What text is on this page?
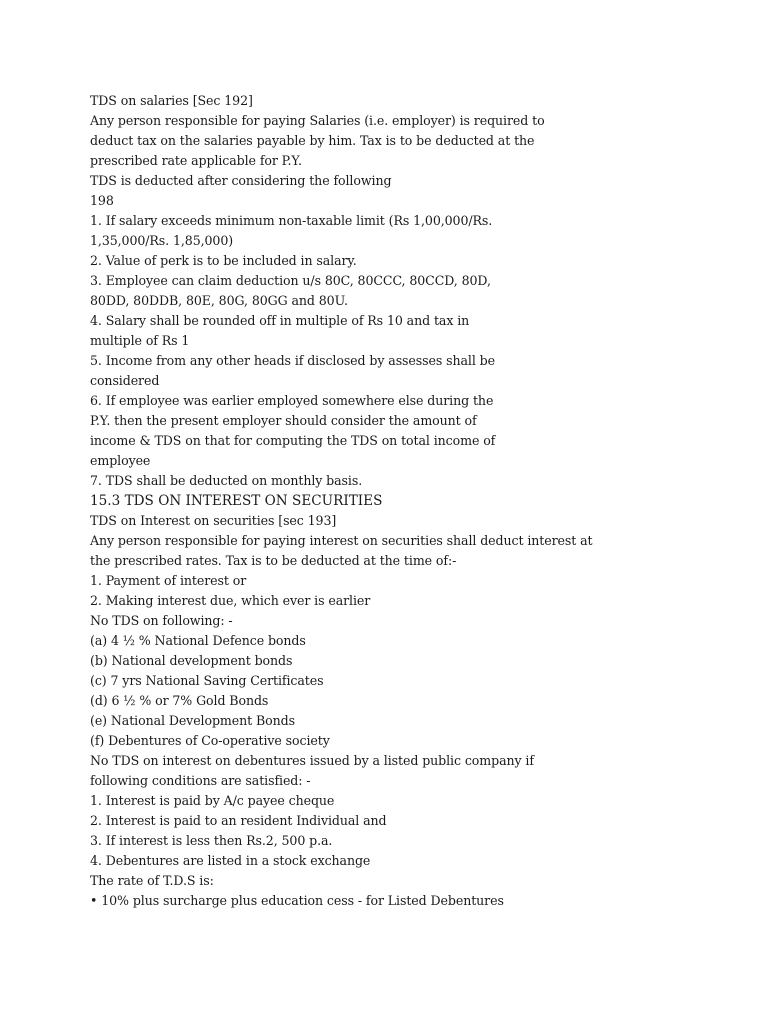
TDS on salaries [Sec 192]
Any person responsible for paying Salaries (i.e. employer) is required to
deduct tax on the salaries payable by him. Tax is to be deducted at the
prescribed rate applicable for P.Y.
TDS is deducted after considering the following
198
1. If salary exceeds minimum non-taxable limit (Rs 1,00,000/Rs.
1,35,000/Rs. 1,85,000)
2. Value of perk is to be included in salary.
3. Employee can claim deduction u/s 80C, 80CCC, 80CCD, 80D,
80DD, 80DDB, 80E, 80G, 80GG and 80U.
4. Salary shall be rounded off in multiple of Rs 10 and tax in
multiple of Rs 1
5. Income from any other heads if disclosed by assesses shall be
considered
6. If employee was earlier employed somewhere else during the
P.Y. then the present employer should consider the amount of
income & TDS on that for computing the TDS on total income of
employee
7. TDS shall be deducted on monthly basis.
15.3 TDS ON INTEREST ON SECURITIES
TDS on Interest on securities [sec 193]
Any person responsible for paying interest on securities shall deduct interest at
the prescribed rates. Tax is to be deducted at the time of:-
1. Payment of interest or
2. Making interest due, which ever is earlier
No TDS on following: -
(a) 4 ½ % National Defence bonds
(b) National development bonds
(c) 7 yrs National Saving Certificates
(d) 6 ½ % or 7% Gold Bonds
(e) National Development Bonds
(f) Debentures of Co-operative society
No TDS on interest on debentures issued by a listed public company if
following conditions are satisfied: -
1. Interest is paid by A/c payee cheque
2. Interest is paid to an resident Individual and
3. If interest is less then Rs.2, 500 p.a.
4. Debentures are listed in a stock exchange
The rate of T.D.S is:
• 10% plus surcharge plus education cess - for Listed Debentures
